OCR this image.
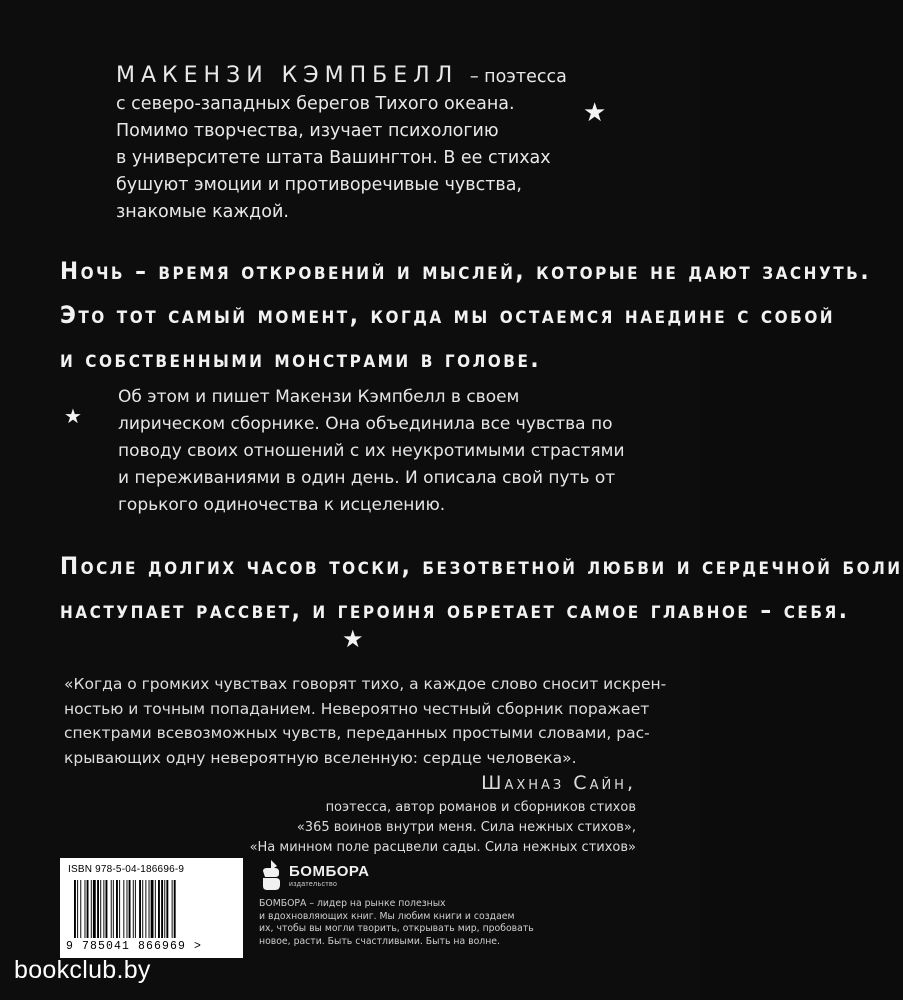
МАКЕНЗИ КЭМПБЕЛЛ – поэтесса
с северо-западных берегов Тихого океана.
Помимо творчества, изучает психологию
в университете штата Вашингтон. В ее стихах
бушуют эмоции и противоречивые чувства,
знакомые каждой.
★
Ночь – время откровений и мыслей, которые не дают заснуть.
Это тот самый момент, когда мы остаемся наедине с собой
и собственными монстрами в голове.
★
Об этом и пишет Макензи Кэмпбелл в своем
лирическом сборнике. Она объединила все чувства по
поводу своих отношений с их неукротимыми страстями
и переживаниями в один день. И описала свой путь от
горького одиночества к исцелению.
После долгих часов тоски, безответной любви и сердечной боли
наступает рассвет, и героиня обретает самое главное – себя.
★
«Когда о громких чувствах говорят тихо, а каждое слово сносит искрен-
ностью и точным попаданием. Невероятно честный сборник поражает
спектрами всевозможных чувств, переданных простыми словами, рас-
крывающих одну невероятную вселенную: сердце человека».
Шахназ Сайн,
поэтесса, автор романов и сборников стихов
«365 воинов внутри меня. Сила нежных стихов»,
«На минном поле расцвели сады. Сила нежных стихов»
ISBN 978-5-04-186696-9
9 785041 866969 >
БОМБОРА
издательство
БОМБОРА – лидер на рынке полезных
и вдохновляющих книг. Мы любим книги и создаем
их, чтобы вы могли творить, открывать мир, пробовать
новое, расти. Быть счастливыми. Быть на волне.
bookclub.by
